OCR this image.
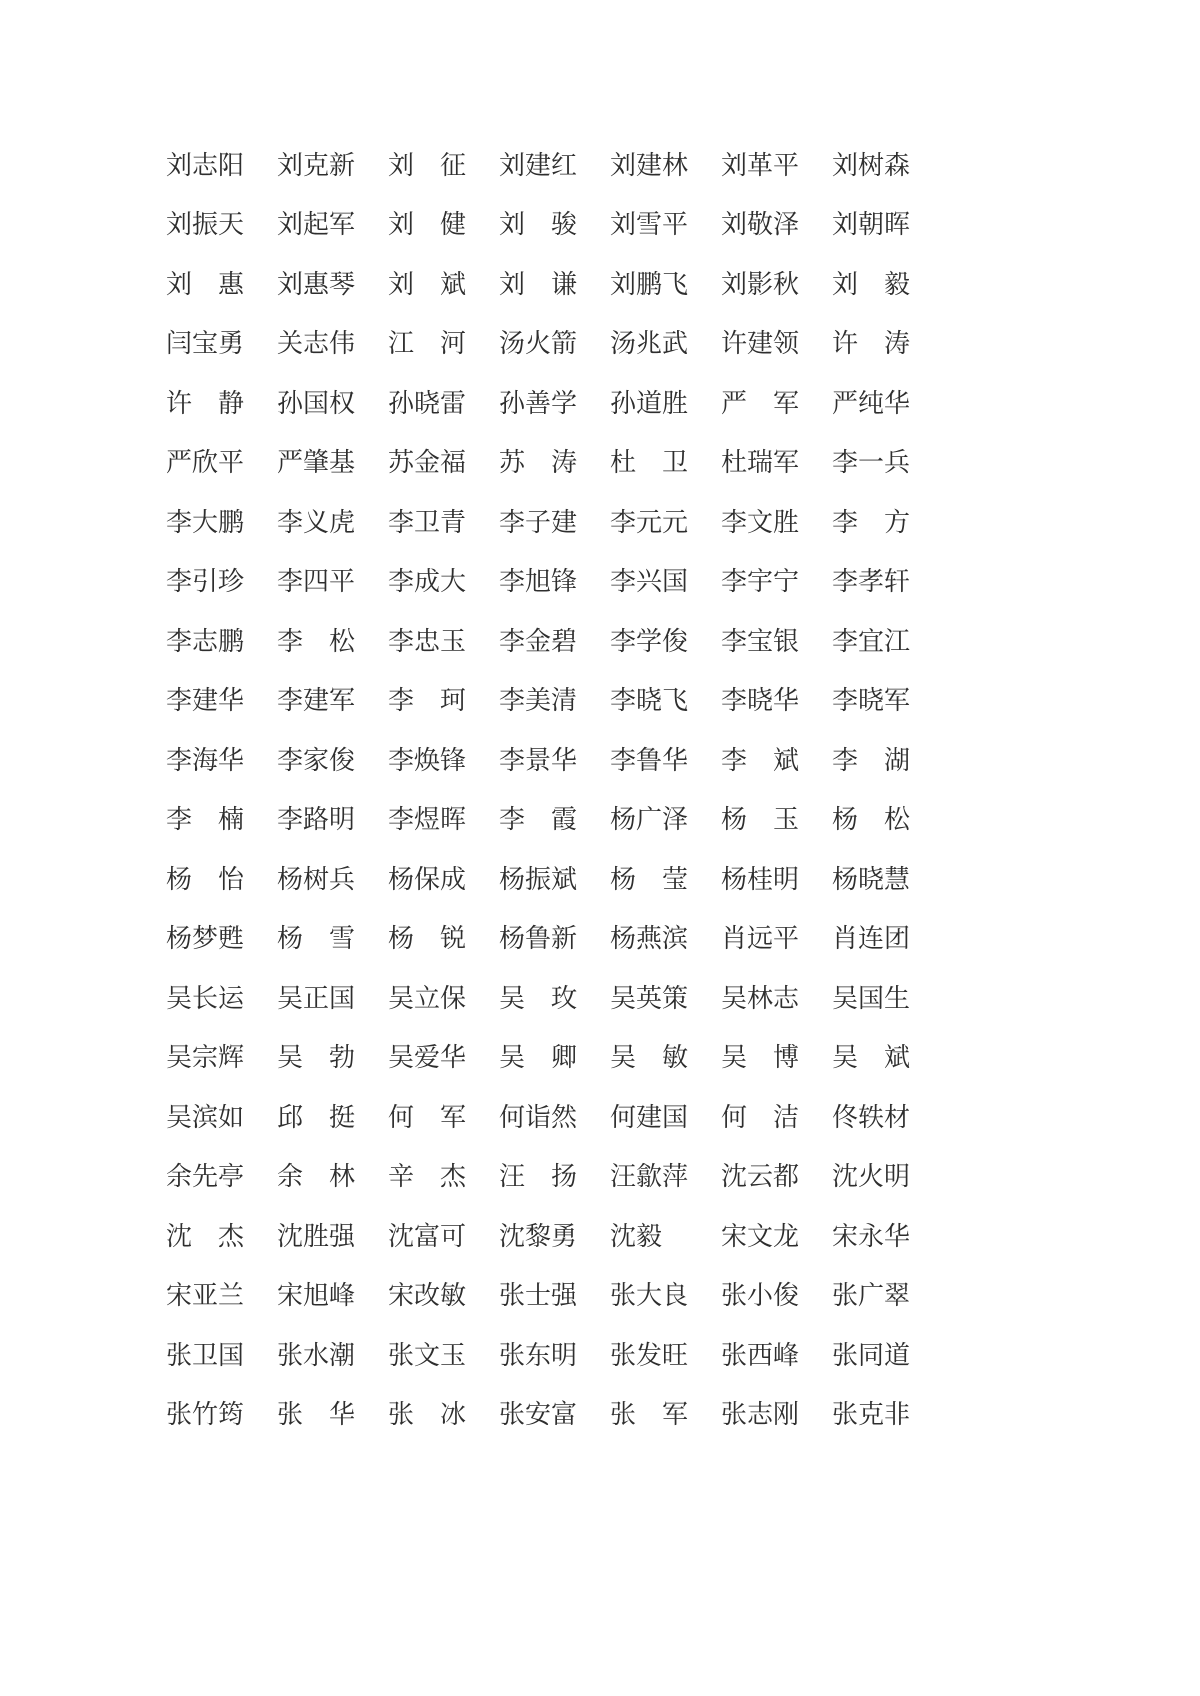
刘志阳 刘克新 刘　征 刘建红 刘建林 刘革平 刘树森
刘振天 刘起军 刘　健 刘　骏 刘雪平 刘敬泽 刘朝晖
刘　惠 刘惠琴 刘　斌 刘　谦 刘鹏飞 刘影秋 刘　毅
闫宝勇 关志伟 江　河 汤火箭 汤兆武 许建领 许　涛
许　静 孙国权 孙晓雷 孙善学 孙道胜 严　军 严纯华
严欣平 严肇基 苏金福 苏　涛 杜　卫 杜瑞军 李一兵
李大鹏 李义虎 李卫青 李子建 李元元 李文胜 李　方
李引珍 李四平 李成大 李旭锋 李兴国 李宇宁 李孝轩
李志鹏 李　松 李忠玉 李金碧 李学俊 李宝银 李宜江
李建华 李建军 李　珂 李美清 李晓飞 李晓华 李晓军
李海华 李家俊 李焕锋 李景华 李鲁华 李　斌 李　湖
李　楠 李路明 李煜晖 李　霞 杨广泽 杨　玉 杨　松
杨　怡 杨树兵 杨保成 杨振斌 杨　莹 杨桂明 杨晓慧
杨梦甦 杨　雪 杨　锐 杨鲁新 杨燕滨 肖远平 肖连团
吴长运 吴正国 吴立保 吴　玫 吴英策 吴林志 吴国生
吴宗辉 吴　勃 吴爱华 吴　卿 吴　敏 吴　博 吴　斌
吴滨如 邱　挺 何　军 何诣然 何建国 何　洁 佟轶材
余先亭 余　林 辛　杰 汪　扬 汪歙萍 沈云都 沈火明
沈　杰 沈胜强 沈富可 沈黎勇 沈毅	宋文龙 宋永华
宋亚兰 宋旭峰 宋改敏 张士强 张大良 张小俊 张广翠
张卫国 张水潮 张文玉 张东明 张发旺 张西峰 张同道
张竹筠 张　华 张　冰 张安富 张　军 张志刚 张克非
